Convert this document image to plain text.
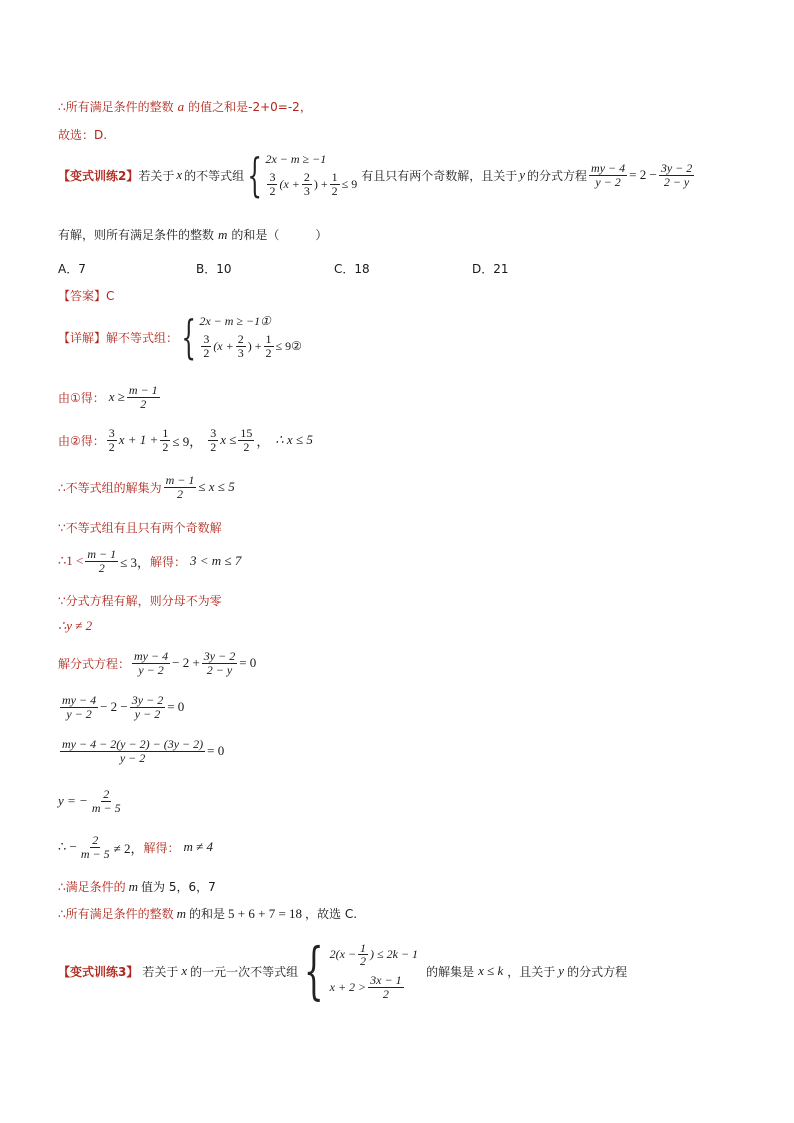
∴所有满足条件的整数 a 的值之和是-2+0=-2，
故选：D.
【变式训练2】 若关于 x 的不等式组 { 2x − m ≥ −1
$\frac{3}{2} (x + \frac{2}{3}$ ) + $\frac{1}{2} \le 9$
有且只有两个奇数解，且关于 y 的分式方程 $\frac{my - 4}{y - 2} = 2 - \frac{3y - 2}{2 - y}$
有解，则所有满足条件的整数 m 的和是（　　　）
A．7	B．10	C．18	D．21
【答案】 C
【详解】 解不等式组： { 2x − m ≥ −1①
$\frac{3}{2} (x + \frac{2}{3}$ ) + $\frac{1}{2}$ ≤ 9②
由①得： $x \ge \frac{m - 1}{2}$
由②得： $\frac{3}{2}$ $x + 1 + \frac{1}{2} \le 9$， $\frac{3}{2}$ $x \le \frac{15}{2}$ ， ∴ x ≤ 5
∴不等式组的解集为 $\frac{m - 1}{2} \le x \le 5$
∵不等式组有且只有两个奇数解
∴1 < $\frac{m - 1}{2} \le 3$， 解得： 3 < m ≤ 7
∵分式方程有解，则分母不为零
∴y ≠ 2
解分式方程： $\frac{my - 4}{y - 2} - 2 + \frac{3y - 2}{2 - y} = 0$
$\frac{my - 4}{y - 2} - 2 - \frac{3y - 2}{y - 2} = 0$
$\frac{my - 4 - 2(y - 2) - (3y - 2)}{y - 2} = 0$
y = − $\frac{2}{m - 5}$
∴ − $\frac{2}{m - 5} \ne 2$， 解得： m ≠ 4
∴满足条件的 m 值为 5，6，7
∴所有满足条件的整数 m 的和是 5 + 6 + 7 = 18 ，故选 C.
【变式训练3】 若关于 x 的一元一次不等式组 { $2(x - \frac{1}{2}$ ) ≤ 2k − 1
$x + 2 > \frac{3x - 1}{2}$
的解集是 x ≤ k ，且关于 y 的分式方程
